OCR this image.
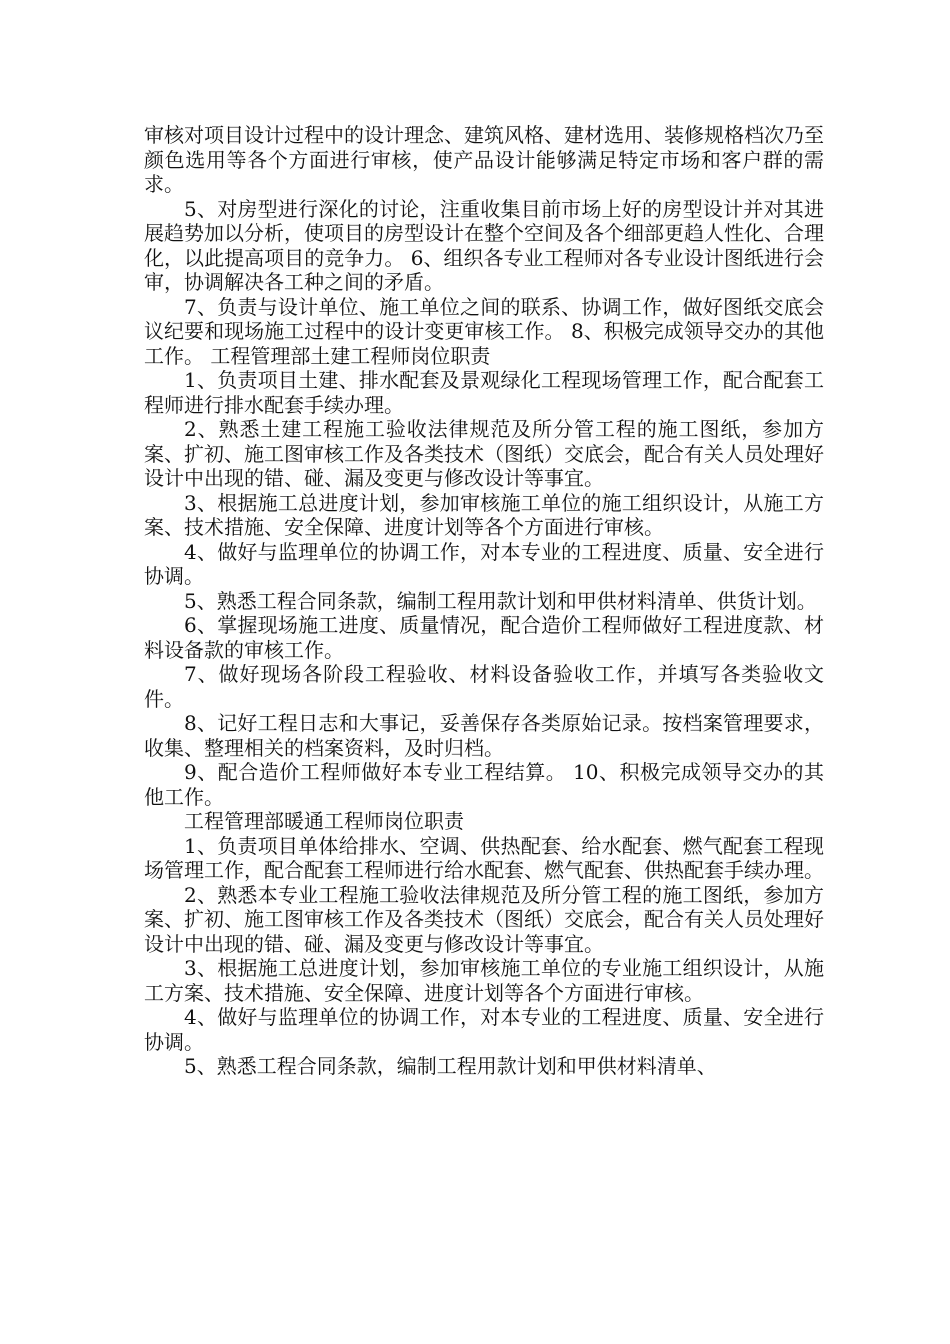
审核对项目设计过程中的设计理念、建筑风格、建材选用、装修规格档次乃至颜色选用等各个方面进行审核，使产品设计能够满足特定市场和客户群的需求。

5、对房型进行深化的讨论，注重收集目前市场上好的房型设计并对其进展趋势加以分析，使项目的房型设计在整个空间及各个细部更趋人性化、合理化，以此提高项目的竞争力。 6、组织各专业工程师对各专业设计图纸进行会审，协调解决各工种之间的矛盾。

7、负责与设计单位、施工单位之间的联系、协调工作，做好图纸交底会议纪要和现场施工过程中的设计变更审核工作。 8、积极完成领导交办的其他工作。 工程管理部土建工程师岗位职责

1、负责项目土建、排水配套及景观绿化工程现场管理工作，配合配套工程师进行排水配套手续办理。

2、熟悉土建工程施工验收法律规范及所分管工程的施工图纸，参加方案、扩初、施工图审核工作及各类技术（图纸）交底会，配合有关人员处理好设计中出现的错、碰、漏及变更与修改设计等事宜。

3、根据施工总进度计划，参加审核施工单位的施工组织设计，从施工方案、技术措施、安全保障、进度计划等各个方面进行审核。

4、做好与监理单位的协调工作，对本专业的工程进度、质量、安全进行协调。

5、熟悉工程合同条款，编制工程用款计划和甲供材料清单、供货计划。

6、掌握现场施工进度、质量情况，配合造价工程师做好工程进度款、材料设备款的审核工作。

7、做好现场各阶段工程验收、材料设备验收工作，并填写各类验收文件。

8、记好工程日志和大事记，妥善保存各类原始记录。按档案管理要求，收集、整理相关的档案资料，及时归档。

9、配合造价工程师做好本专业工程结算。 10、积极完成领导交办的其他工作。

工程管理部暖通工程师岗位职责

1、负责项目单体给排水、空调、供热配套、给水配套、燃气配套工程现场管理工作，配合配套工程师进行给水配套、燃气配套、供热配套手续办理。

2、熟悉本专业工程施工验收法律规范及所分管工程的施工图纸，参加方案、扩初、施工图审核工作及各类技术（图纸）交底会，配合有关人员处理好设计中出现的错、碰、漏及变更与修改设计等事宜。

3、根据施工总进度计划，参加审核施工单位的专业施工组织设计，从施工方案、技术措施、安全保障、进度计划等各个方面进行审核。

4、做好与监理单位的协调工作，对本专业的工程进度、质量、安全进行协调。

5、熟悉工程合同条款，编制工程用款计划和甲供材料清单、
